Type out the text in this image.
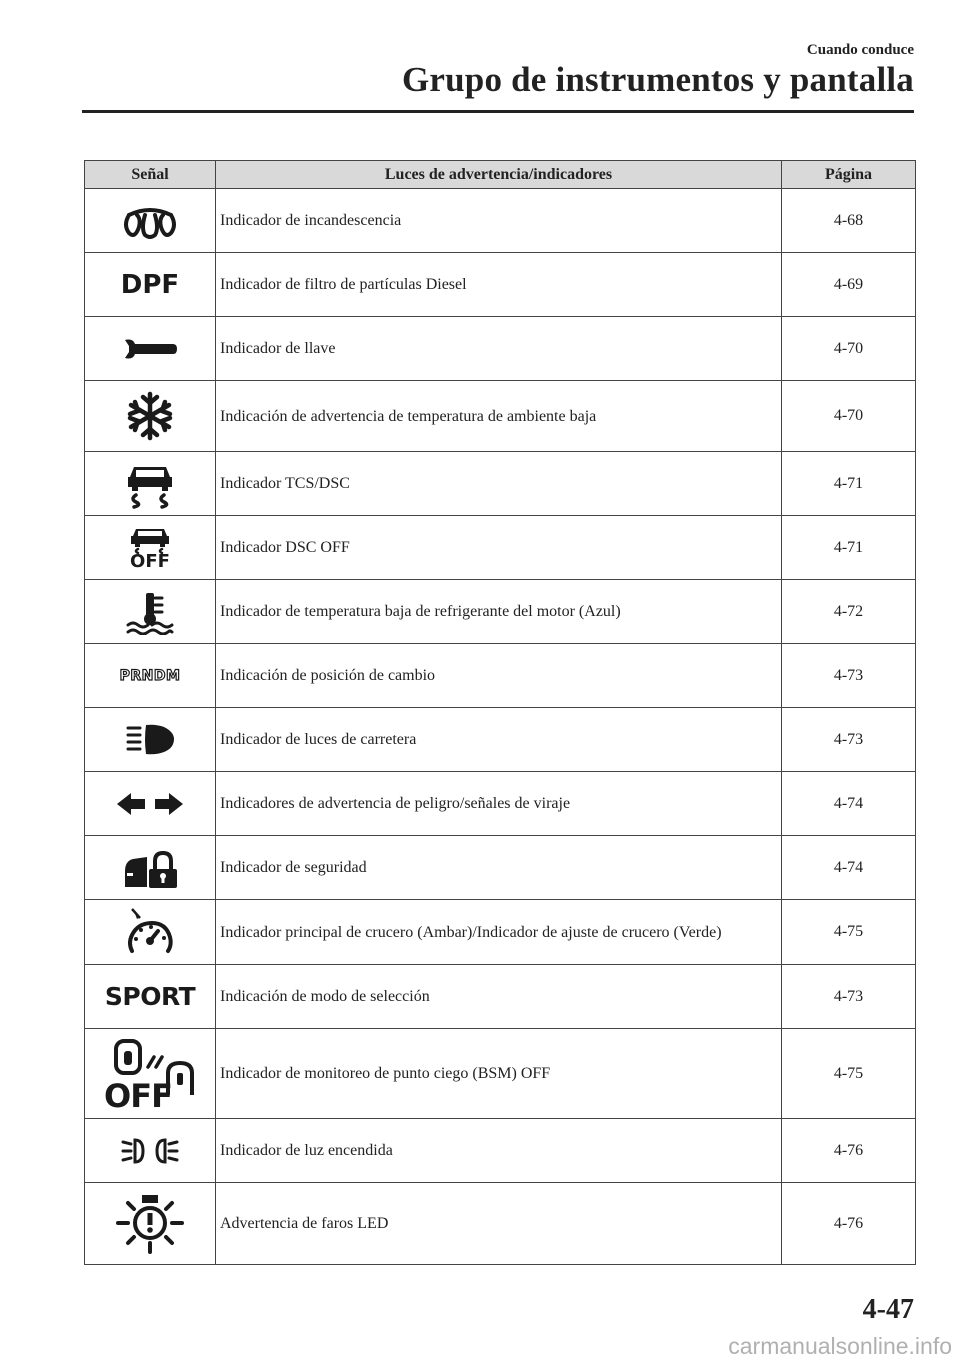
Cuando conduce
Grupo de instrumentos y pantalla
Señal	Luces de advertencia/indicadores	Página
	Indicador de incandescencia	4-68
DPF	Indicador de filtro de partículas Diesel	4-69
	Indicador de llave	4-70
	Indicación de advertencia de temperatura de ambiente baja	4-70
	Indicador TCS/DSC	4-71

OFF	Indicador DSC OFF	4-71
	Indicador de temperatura baja de refrigerante del motor (Azul)	4-72
PRNDM	Indicación de posición de cambio	4-73
	Indicador de luces de carretera	4-73
	Indicadores de advertencia de peligro/señales de viraje	4-74
	Indicador de seguridad	4-74
	Indicador principal de crucero (Ambar)/Indicador de ajuste de crucero (Verde)	4-75
SPORT	Indicación de modo de selección	4-73

OFF	Indicador de monitoreo de punto ciego (BSM) OFF	4-75
	Indicador de luz encendida	4-76
	Advertencia de faros LED	4-76
4-47
carmanualsonline.info
